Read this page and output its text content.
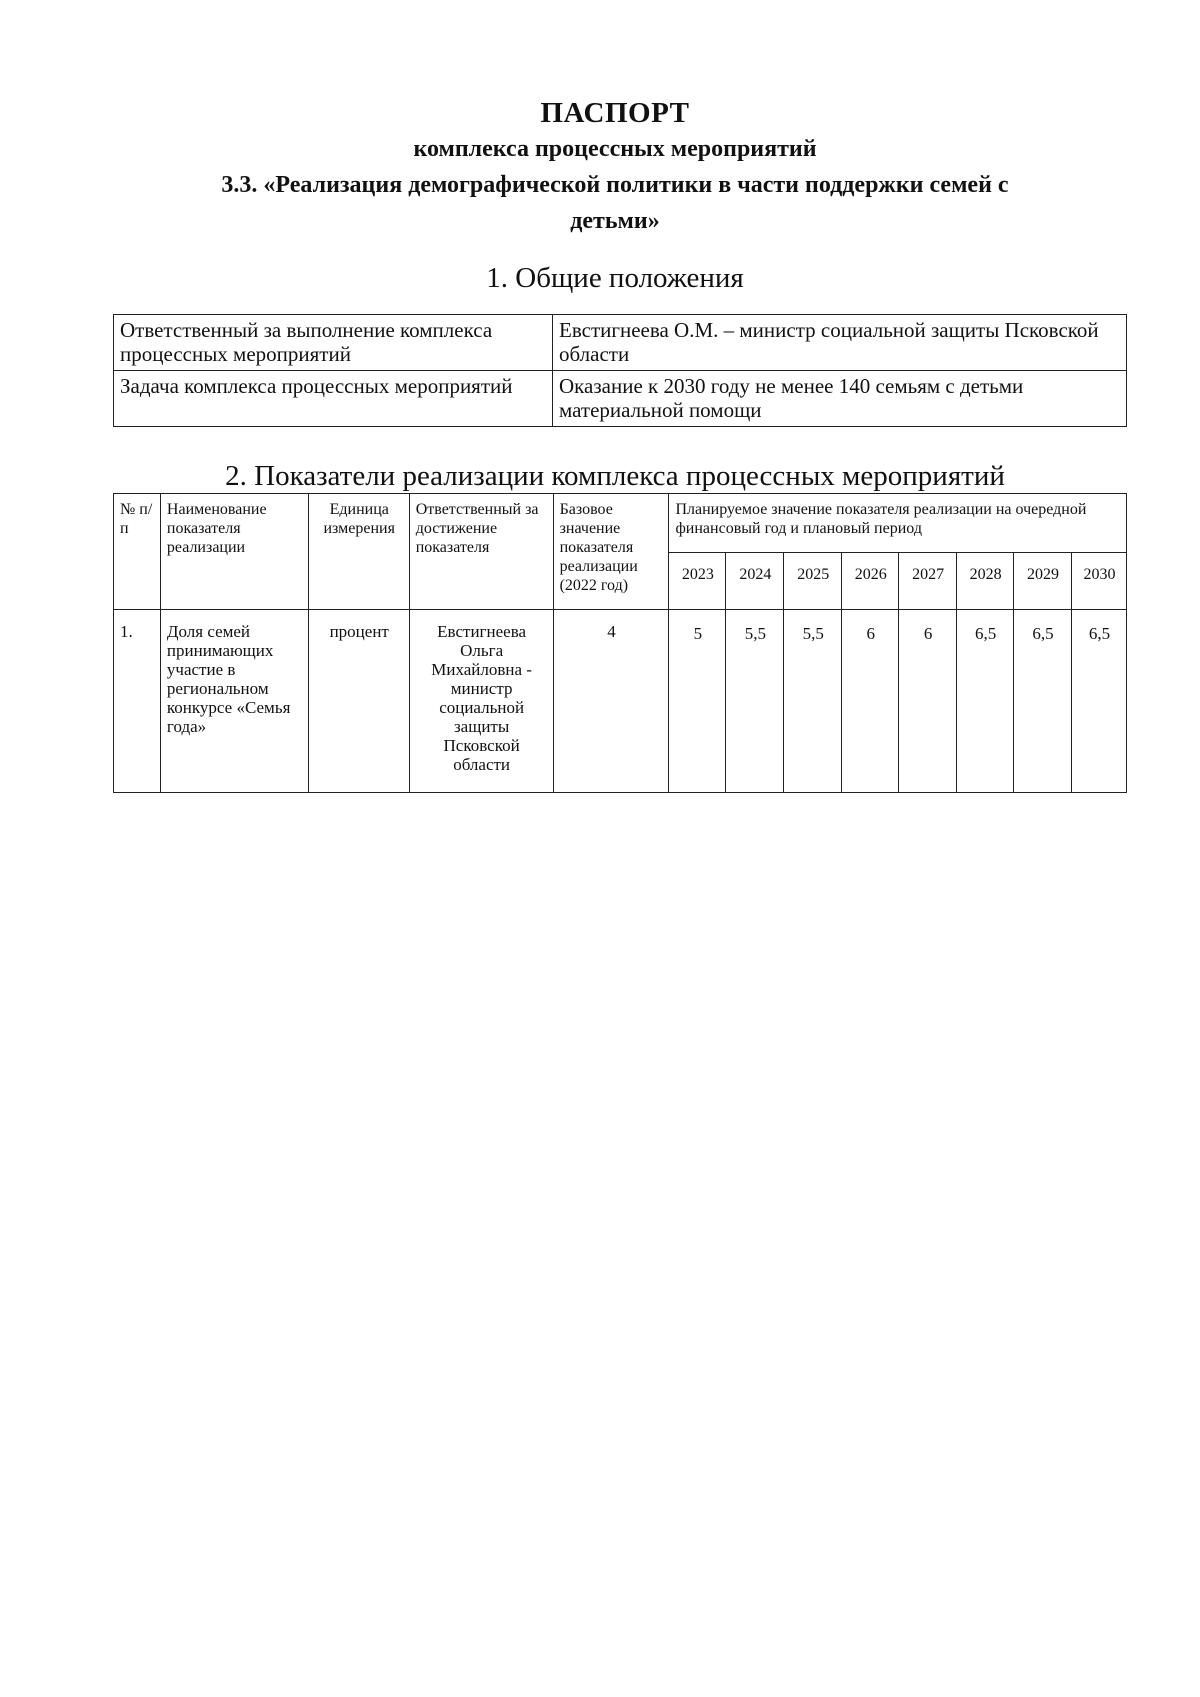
ПАСПОРТ
комплекса процессных мероприятий
3.3. «Реализация демографической политики в части поддержки семей с
детьми»
1. Общие положения
Ответственный за выполнение комплекса процессных мероприятий	Евстигнеева О.М. – министр социальной защиты Псковской области
Задача комплекса процессных мероприятий	Оказание к 2030 году не менее 140 семьям с детьми материальной помощи
2. Показатели реализации комплекса процессных мероприятий
№ п/п	Наименование показателя реализации	Единица измерения	Ответственный за достижение показателя	Базовое значение показателя реализации (2022 год)	Планируемое значение показателя реализации на очередной финансовый год и плановый период							
					2023	2024	2025	2026	2027	2028	2029	2030
1.	Доля семей принимающих участие в региональном конкурсе «Семья года»	процент	Евстигнеева Ольга Михайловна - министр социальной защиты Псковской области	4	5	5,5	5,5	6	6	6,5	6,5	6,5
